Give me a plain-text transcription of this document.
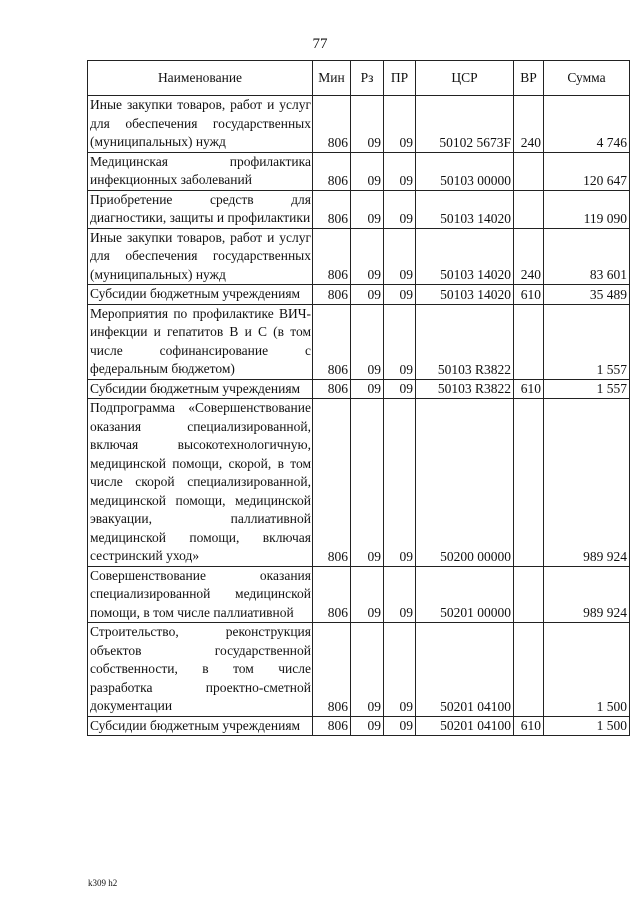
77
Наименование	Мин	Рз	ПР	ЦСР	ВР	Сумма
Иные закупки товаров, работ и услуг для обеспечения государственных (муниципальных) нужд	806	09	09	50102 5673F	240	4 746
Медицинская профилактика инфекционных заболеваний	806	09	09	50103 00000		120 647
Приобретение средств для диагностики, защиты и профилактики	806	09	09	50103 14020		119 090
Иные закупки товаров, работ и услуг для обеспечения государственных (муниципальных) нужд	806	09	09	50103 14020	240	83 601
Субсидии бюджетным учреждениям	806	09	09	50103 14020	610	35 489
Мероприятия по профилактике ВИЧ-инфекции и гепатитов В и С (в том числе софинансирование с федеральным бюджетом)	806	09	09	50103 R3822		1 557
Субсидии бюджетным учреждениям	806	09	09	50103 R3822	610	1 557
Подпрограмма «Совершенствование оказания специализированной, включая высокотехнологичную, медицинской помощи, скорой, в том числе скорой специализированной, медицинской помощи, медицинской эвакуации, паллиативной медицинской помощи, включая сестринский уход»	806	09	09	50200 00000		989 924
Совершенствование оказания специализированной медицинской помощи, в том числе паллиативной	806	09	09	50201 00000		989 924
Строительство, реконструкция объектов государственной собственности, в том числе разработка проектно-сметной документации	806	09	09	50201 04100		1 500
Субсидии бюджетным учреждениям	806	09	09	50201 04100	610	1 500
k309 h2
